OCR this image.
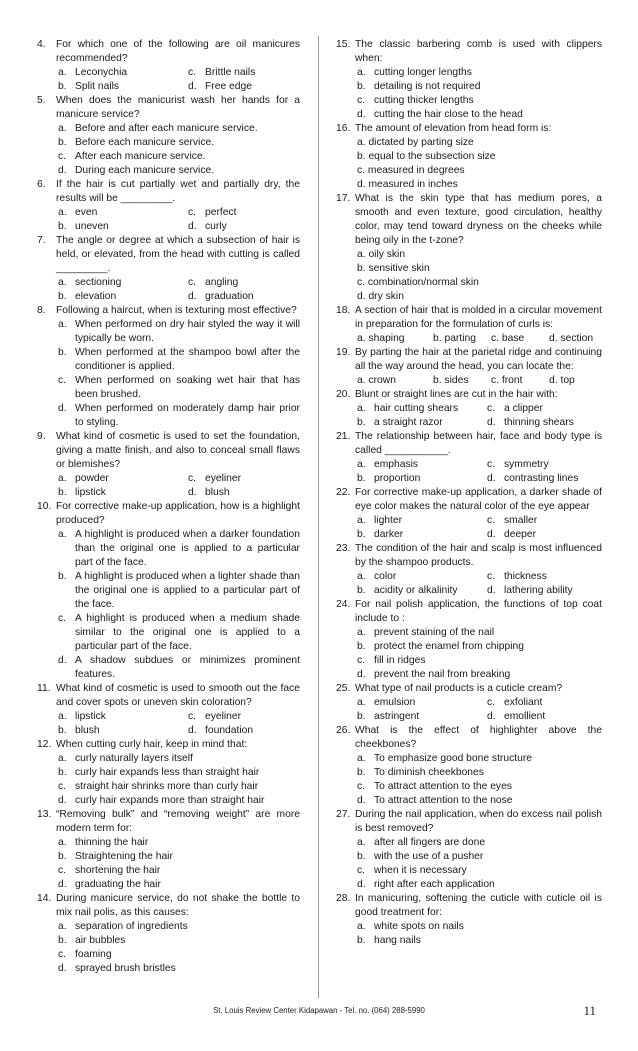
4. For which one of the following are oil manicures recommended?
a. Leconychia	c. Brittle nails
b. Split nails	d. Free edge
5. When does the manicurist wash her hands for a manicure service?
a. Before and after each manicure service.
b. Before each manicure service.
c. After each manicure service.
d. During each manicure service.
6. If the hair is cut partially wet and partially dry, the results will be _________.
a. even	c. perfect
b. uneven	d. curly
7. The angle or degree at which a subsection of hair is held, or elevated, from the head with cutting is called _________.
a. sectioning	c. angling
b. elevation	d. graduation
8. Following a haircut, when is texturing most effective?
a. When performed on dry hair styled the way it will typically be worn.
b. When performed at the shampoo bowl after the conditioner is applied.
c. When performed on soaking wet hair that has been brushed.
d. When performed on moderately damp hair prior to styling.
9. What kind of cosmetic is used to set the foundation, giving a matte finish, and also to conceal small flaws or blemishes?
a. powder	c. eyeliner
b. lipstick	d. blush
10. For corrective make-up application, how is a highlight produced?
a. A highlight is produced when a darker foundation than the original one is applied to a particular part of the face.
b. A highlight is produced when a lighter shade than the original one is applied to a particular part of the face.
c. A highlight is produced when a medium shade similar to the original one is applied to a particular part of the face.
d. A shadow subdues or minimizes prominent features.
11. What kind of cosmetic is used to smooth out the face and cover spots or uneven skin coloration?
a. lipstick	c. eyeliner
b. blush	d. foundation
12. When cutting curly hair, keep in mind that:
a. curly naturally layers itself
b. curly hair expands less than straight hair
c. straight hair shrinks more than curly hair
d. curly hair expands more than straight hair
13. “Removing bulk” and “removing weight” are more modern term for:
a. thinning the hair
b. Straightening the hair
c. shortening the hair
d. graduating the hair
14. During manicure service, do not shake the bottle to mix nail polis, as this causes:
a. separation of ingredients
b. air bubbles
c. foaming
d. sprayed brush bristles
15. The classic barbering comb is used with clippers when:
a. cutting longer lengths
b. detailing is not required
c. cutting thicker lengths
d. cutting the hair close to the head
16. The amount of elevation from head form is:
a. dictated by parting size
b. equal to the subsection size
c. measured in degrees
d. measured in inches
17. What is the skin type that has medium pores, a smooth and even texture, good circulation, healthy color, may tend toward dryness on the cheeks while being oily in the t-zone?
a. oily skin
b. sensitive skin
c. combination/normal skin
d. dry skin
18. A section of hair that is molded in a circular movement in preparation for the formulation of curls is:
a. shaping	b. parting	c. base	d. section
19. By parting the hair at the parietal ridge and continuing all the way around the head, you can locate the:
a. crown	b. sides	c. front	d. top
20. Blunt or straight lines are cut in the hair with:
a. hair cutting shears	c. a clipper
b. a straight razor	d. thinning shears
21. The relationship between hair, face and body type is called ___________.
a. emphasis	c. symmetry
b. proportion	d. contrasting lines
22. For corrective make-up application, a darker shade of eye color makes the natural color of the eye appear
a. lighter	c. smaller
b. darker	d. deeper
23. The condition of the hair and scalp is most influenced by the shampoo products.
a. color	c. thickness
b. acidity or alkalinity	d. lathering ability
24. For nail polish application, the functions of top coat include to :
a. prevent staining of the nail
b. protect the enamel from chipping
c. fill in ridges
d. prevent the nail from breaking
25. What type of nail products is a cuticle cream?
a. emulsion	c. exfoliant
b. astringent	d. emollient
26. What is the effect of highlighter above the cheekbones?
a. To emphasize good bone structure
b. To diminish cheekbones
c. To attract attention to the eyes
d. To attract attention to the nose
27. During the nail application, when do excess nail polish is best removed?
a. after all fingers are done
b. with the use of a pusher
c. when it is necessary
d. right after each application
28. In manicuring, softening the cuticle with cuticle oil is good treatment for:
a. white spots on nails
b. hang nails
St. Louis Review Center Kidapawan - Tel. no. (064) 288-5990	11
